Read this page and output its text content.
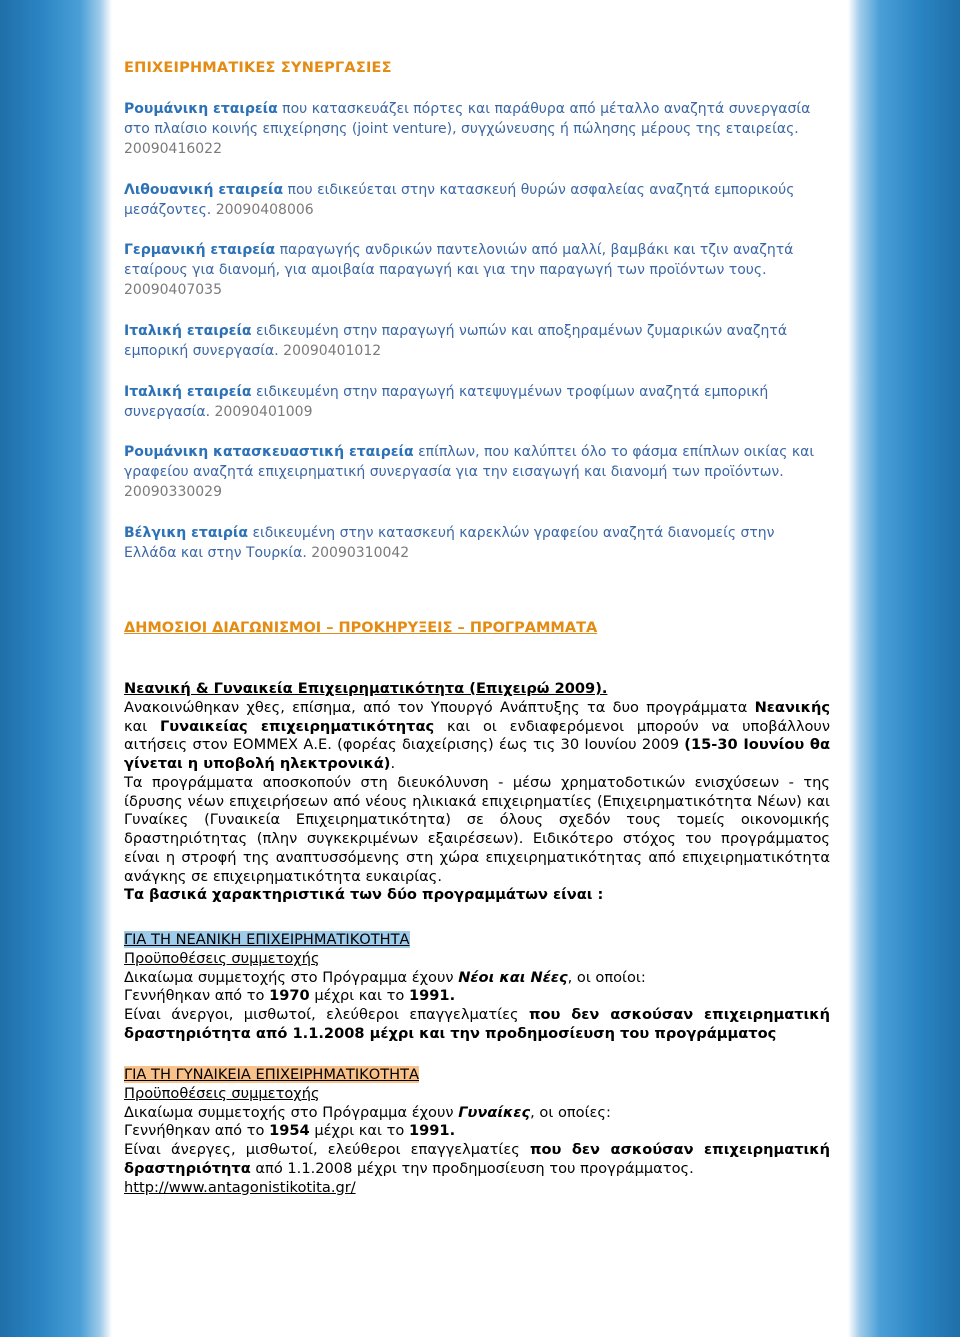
ΕΠΙΧΕΙΡΗΜΑΤΙΚΕΣ ΣΥΝΕΡΓΑΣΙΕΣ
Ρουμάνικη εταιρεία που κατασκευάζει πόρτες και παράθυρα από μέταλλο αναζητά συνεργασία στο πλαίσιο κοινής επιχείρησης (joint venture), συγχώνευσης ή πώλησης μέρους της εταιρείας. 20090416022
Λιθουανική εταιρεία που ειδικεύεται στην κατασκευή θυρών ασφαλείας αναζητά εμπορικούς μεσάζοντες. 20090408006
Γερμανική εταιρεία παραγωγής ανδρικών παντελονιών από μαλλί, βαμβάκι και τζιν αναζητά εταίρους για διανομή, για αμοιβαία παραγωγή και για την παραγωγή των προϊόντων τους. 20090407035
Ιταλική εταιρεία ειδικευμένη στην παραγωγή νωπών και αποξηραμένων ζυμαρικών αναζητά εμπορική συνεργασία. 20090401012
Ιταλική εταιρεία ειδικευμένη στην παραγωγή κατεψυγμένων τροφίμων αναζητά εμπορική συνεργασία. 20090401009
Ρουμάνικη κατασκευαστική εταιρεία επίπλων, που καλύπτει όλο το φάσμα επίπλων οικίας και γραφείου αναζητά επιχειρηματική συνεργασία για την εισαγωγή και διανομή των προϊόντων. 20090330029
Βέλγικη εταιρία ειδικευμένη στην κατασκευή καρεκλών γραφείου αναζητά διανομείς στην Ελλάδα και στην Τουρκία. 20090310042
ΔΗΜΟΣΙΟΙ ΔΙΑΓΩΝΙΣΜΟΙ – ΠΡΟΚΗΡΥΞΕΙΣ – ΠΡΟΓΡΑΜΜΑΤΑ
Νεανική & Γυναικεία Επιχειρηματικότητα (Επιχειρώ 2009).
Ανακοινώθηκαν χθες, επίσημα, από τον Υπουργό Ανάπτυξης τα δυο προγράμματα Νεανικής και Γυναικείας επιχειρηματικότητας και οι ενδιαφερόμενοι μπορούν να υποβάλλουν αιτήσεις στον ΕΟΜΜΕΧ Α.Ε. (φορέας διαχείρισης) έως τις 30 Ιουνίου 2009 (15-30 Ιουνίου θα γίνεται η υποβολή ηλεκτρονικά).
Τα προγράμματα αποσκοπούν στη διευκόλυνση - μέσω χρηματοδοτικών ενισχύσεων - της ίδρυσης νέων επιχειρήσεων από νέους ηλικιακά επιχειρηματίες (Επιχειρηματικότητα Νέων) και Γυναίκες (Γυναικεία Επιχειρηματικότητα) σε όλους σχεδόν τους τομείς οικονομικής δραστηριότητας (πλην συγκεκριμένων εξαιρέσεων). Ειδικότερο στόχος του προγράμματος είναι η στροφή της αναπτυσσόμενης στη χώρα επιχειρηματικότητας από επιχειρηματικότητα ανάγκης σε επιχειρηματικότητα ευκαιρίας.
Τα βασικά χαρακτηριστικά των δύο προγραμμάτων είναι :
ΓΙΑ ΤΗ ΝΕΑΝΙΚΗ ΕΠΙΧΕΙΡΗΜΑΤΙΚΟΤΗΤΑ
Προϋποθέσεις συμμετοχής
Δικαίωμα συμμετοχής στο Πρόγραμμα έχουν Νέοι και Νέες, οι οποίοι:
Γεννήθηκαν από το 1970 μέχρι και το 1991.
Είναι άνεργοι, μισθωτοί, ελεύθεροι επαγγελματίες που δεν ασκούσαν επιχειρηματική δραστηριότητα από 1.1.2008 μέχρι και την προδημοσίευση του προγράμματος
ΓΙΑ ΤΗ ΓΥΝΑΙΚΕΙΑ ΕΠΙΧΕΙΡΗΜΑΤΙΚΟΤΗΤΑ
Προϋποθέσεις συμμετοχής
Δικαίωμα συμμετοχής στο Πρόγραμμα έχουν Γυναίκες, οι οποίες:
Γεννήθηκαν από το 1954 μέχρι και το 1991.
Είναι άνεργες, μισθωτοί, ελεύθεροι επαγγελματίες που δεν ασκούσαν επιχειρηματική δραστηριότητα από 1.1.2008 μέχρι την προδημοσίευση του προγράμματος.
http://www.antagonistikotita.gr/
